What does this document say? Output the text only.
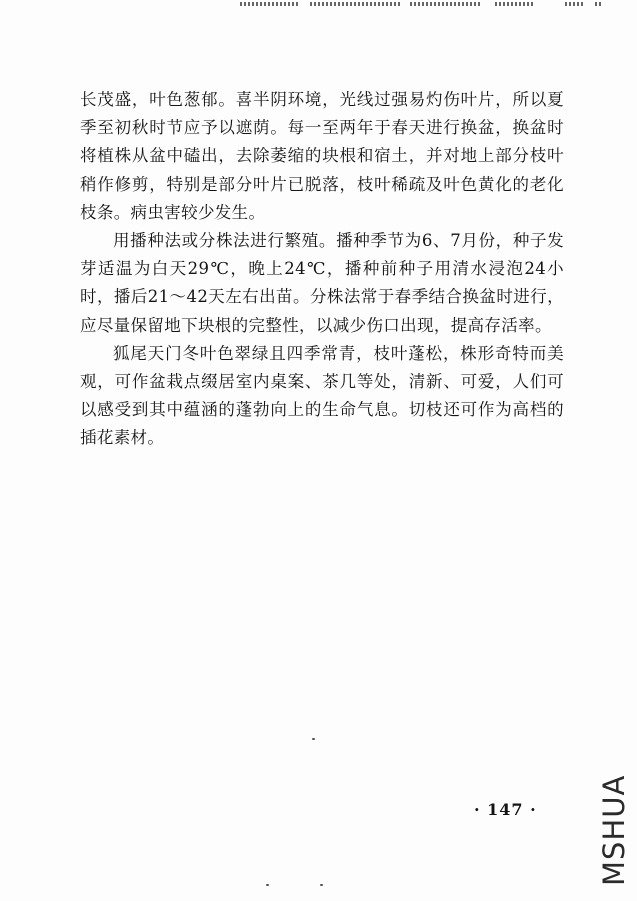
长茂盛，叶色葱郁。喜半阴环境，光线过强易灼伤叶片，所以夏季至初秋时节应予以遮荫。每一至两年于春天进行换盆，换盆时将植株从盆中磕出，去除萎缩的块根和宿土，并对地上部分枝叶稍作修剪，特别是部分叶片已脱落，枝叶稀疏及叶色黄化的老化枝条。病虫害较少发生。

用播种法或分株法进行繁殖。播种季节为6、7月份，种子发芽适温为白天29℃，晚上24℃，播种前种子用清水浸泡24小时，播后21～42天左右出苗。分株法常于春季结合换盆时进行，应尽量保留地下块根的完整性，以减少伤口出现，提高存活率。

狐尾天门冬叶色翠绿且四季常青，枝叶蓬松，株形奇特而美观，可作盆栽点缀居室内桌案、茶几等处，清新、可爱，人们可以感受到其中蕴涵的蓬勃向上的生命气息。切枝还可作为高档的插花素材。

· 147 · MSHUA
